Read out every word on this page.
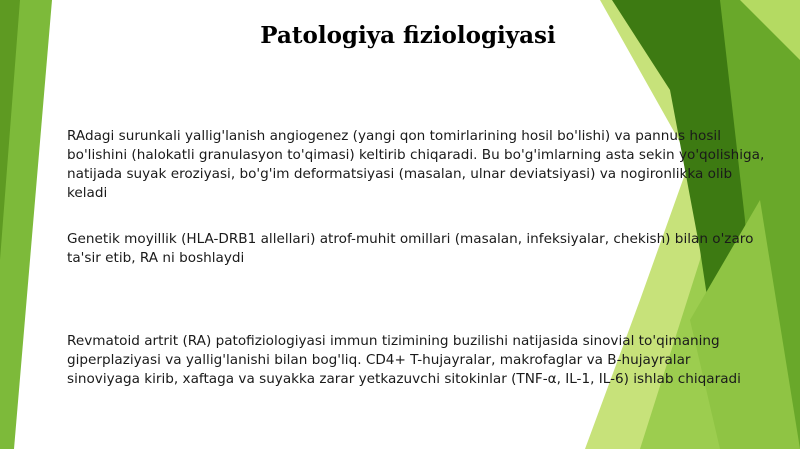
Patologiya fiziologiyasi
RAdagi surunkali yallig'lanish angiogenez (yangi qon tomirlarining hosil bo'lishi) va pannus hosil bo'lishini (halokatli granulasyon to'qimasi) keltirib chiqaradi. Bu bo'g'imlarning asta sekin yo'qolishiga, natijada suyak eroziyasi, bo'g'im deformatsiyasi (masalan, ulnar deviatsiyasi) va nogironlikka olib keladi
Genetik moyillik (HLA-DRB1 allellari) atrof-muhit omillari (masalan, infeksiyalar, chekish) bilan o'zaro ta'sir etib, RA ni boshlaydi
Revmatoid artrit (RA) patofiziologiyasi immun tizimining buzilishi natijasida sinovial to'qimaning giperplaziyasi va yallig'lanishi bilan bog'liq. CD4+ T-hujayralar, makrofaglar va B-hujayralar sinoviyaga kirib, xaftaga va suyakka zarar yetkazuvchi sitokinlar (TNF-α, IL-1, IL-6) ishlab chiqaradi
